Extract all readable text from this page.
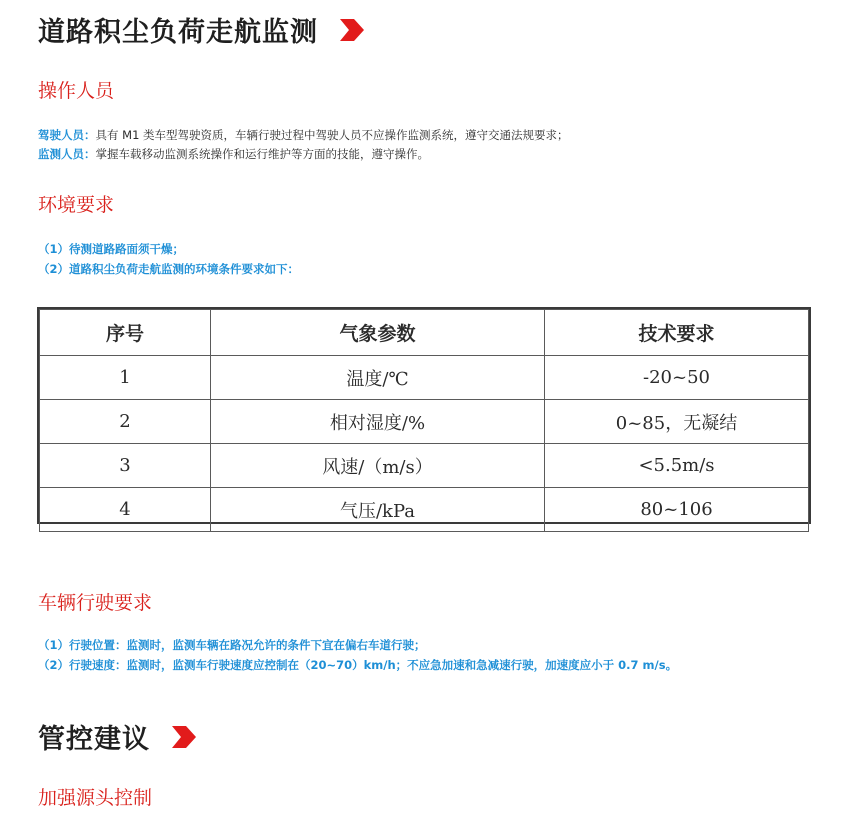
道路积尘负荷走航监测
操作人员
驾驶人员：具有 M1 类车型驾驶资质，车辆行驶过程中驾驶人员不应操作监测系统，遵守交通法规要求；
监测人员：掌握车载移动监测系统操作和运行维护等方面的技能，遵守操作。
环境要求
（1）待测道路路面须干燥；
（2）道路积尘负荷走航监测的环境条件要求如下：
序号	气象参数	技术要求
1	温度/℃	-20~50
2	相对湿度/%	0~85，无凝结
3	风速/（m/s）	<5.5m/s
4	气压/kPa	80~106
车辆行驶要求
（1）行驶位置：监测时，监测车辆在路况允许的条件下宜在偏右车道行驶；
（2）行驶速度：监测时，监测车行驶速度应控制在（20~70）km/h；不应急加速和急减速行驶，加速度应小于 0.7 m/s。
管控建议
加强源头控制
